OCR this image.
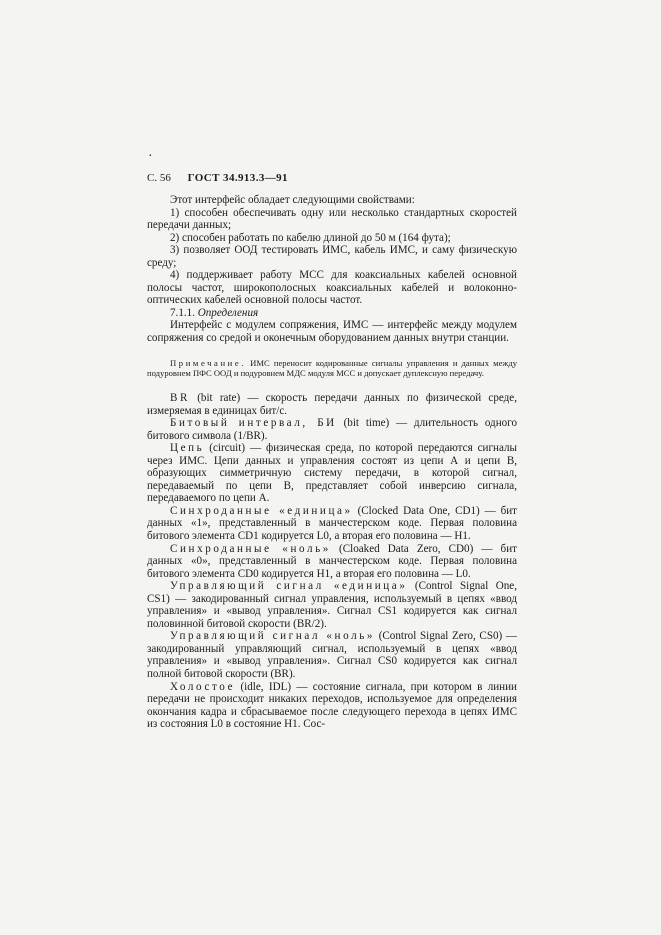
·
С. 56 ГОСТ 34.913.3—91

Этот интерфейс обладает следующими свойствами:

1) способен обеспечивать одну или несколько стандартных скоростей передачи данных;

2) способен работать по кабелю длиной до 50 м (164 фута);

3) позволяет ООД тестировать ИМС, кабель ИМС, и саму физическую среду;

4) поддерживает работу МСС для коаксиальных кабелей основной полосы частот, широкополосных коаксиальных кабелей и волоконно-оптических кабелей основной полосы частот.

7.1.1. Определения

Интерфейс с модулем сопряжения, ИМС — интерфейс между модулем сопряжения со средой и оконечным оборудованием данных внутри станции.

Примечание. ИМС переносит кодированные сигналы управления и данных между подуровнем ПФС ООД и подуровнем МДС модуля МСС и допускает дуплексную передачу.

BR (bit rate) — скорость передачи данных по физической среде, измеряемая в единицах бит/с.

Битовый интервал, БИ (bit time) — длительность одного битового символа (1/BR).

Цепь (circuit) — физическая среда, по которой передаются сигналы через ИМС. Цепи данных и управления состоят из цепи А и цепи В, образующих симметричную систему передачи, в которой сигнал, передаваемый по цепи В, представляет собой инверсию сигнала, передаваемого по цепи А.

Синхроданные «единица» (Clocked Data One, CD1) — бит данных «1», представленный в манчестерском коде. Первая половина битового элемента CD1 кодируется L0, а вторая его половина — H1.

Синхроданные «ноль» (Cloaked Data Zero, CD0) — бит данных «0», представленный в манчестерском коде. Первая половина битового элемента CD0 кодируется H1, а вторая его половина — L0.

Управляющий сигнал «единица» (Control Signal One, CS1) — закодированный сигнал управления, используемый в цепях «ввод управления» и «вывод управления». Сигнал CS1 кодируется как сигнал половинной битовой скорости (BR/2).

Управляющий сигнал «ноль» (Control Signal Zero, CS0) — закодированный управляющий сигнал, используемый в цепях «ввод управления» и «вывод управления». Сигнал CS0 кодируется как сигнал полной битовой скорости (BR).

Холостое (idle, IDL) — состояние сигнала, при котором в линии передачи не происходит никаких переходов, используемое для определения окончания кадра и сбрасываемое после следующего перехода в цепях ИМС из состояния L0 в состояние H1. Сос-
